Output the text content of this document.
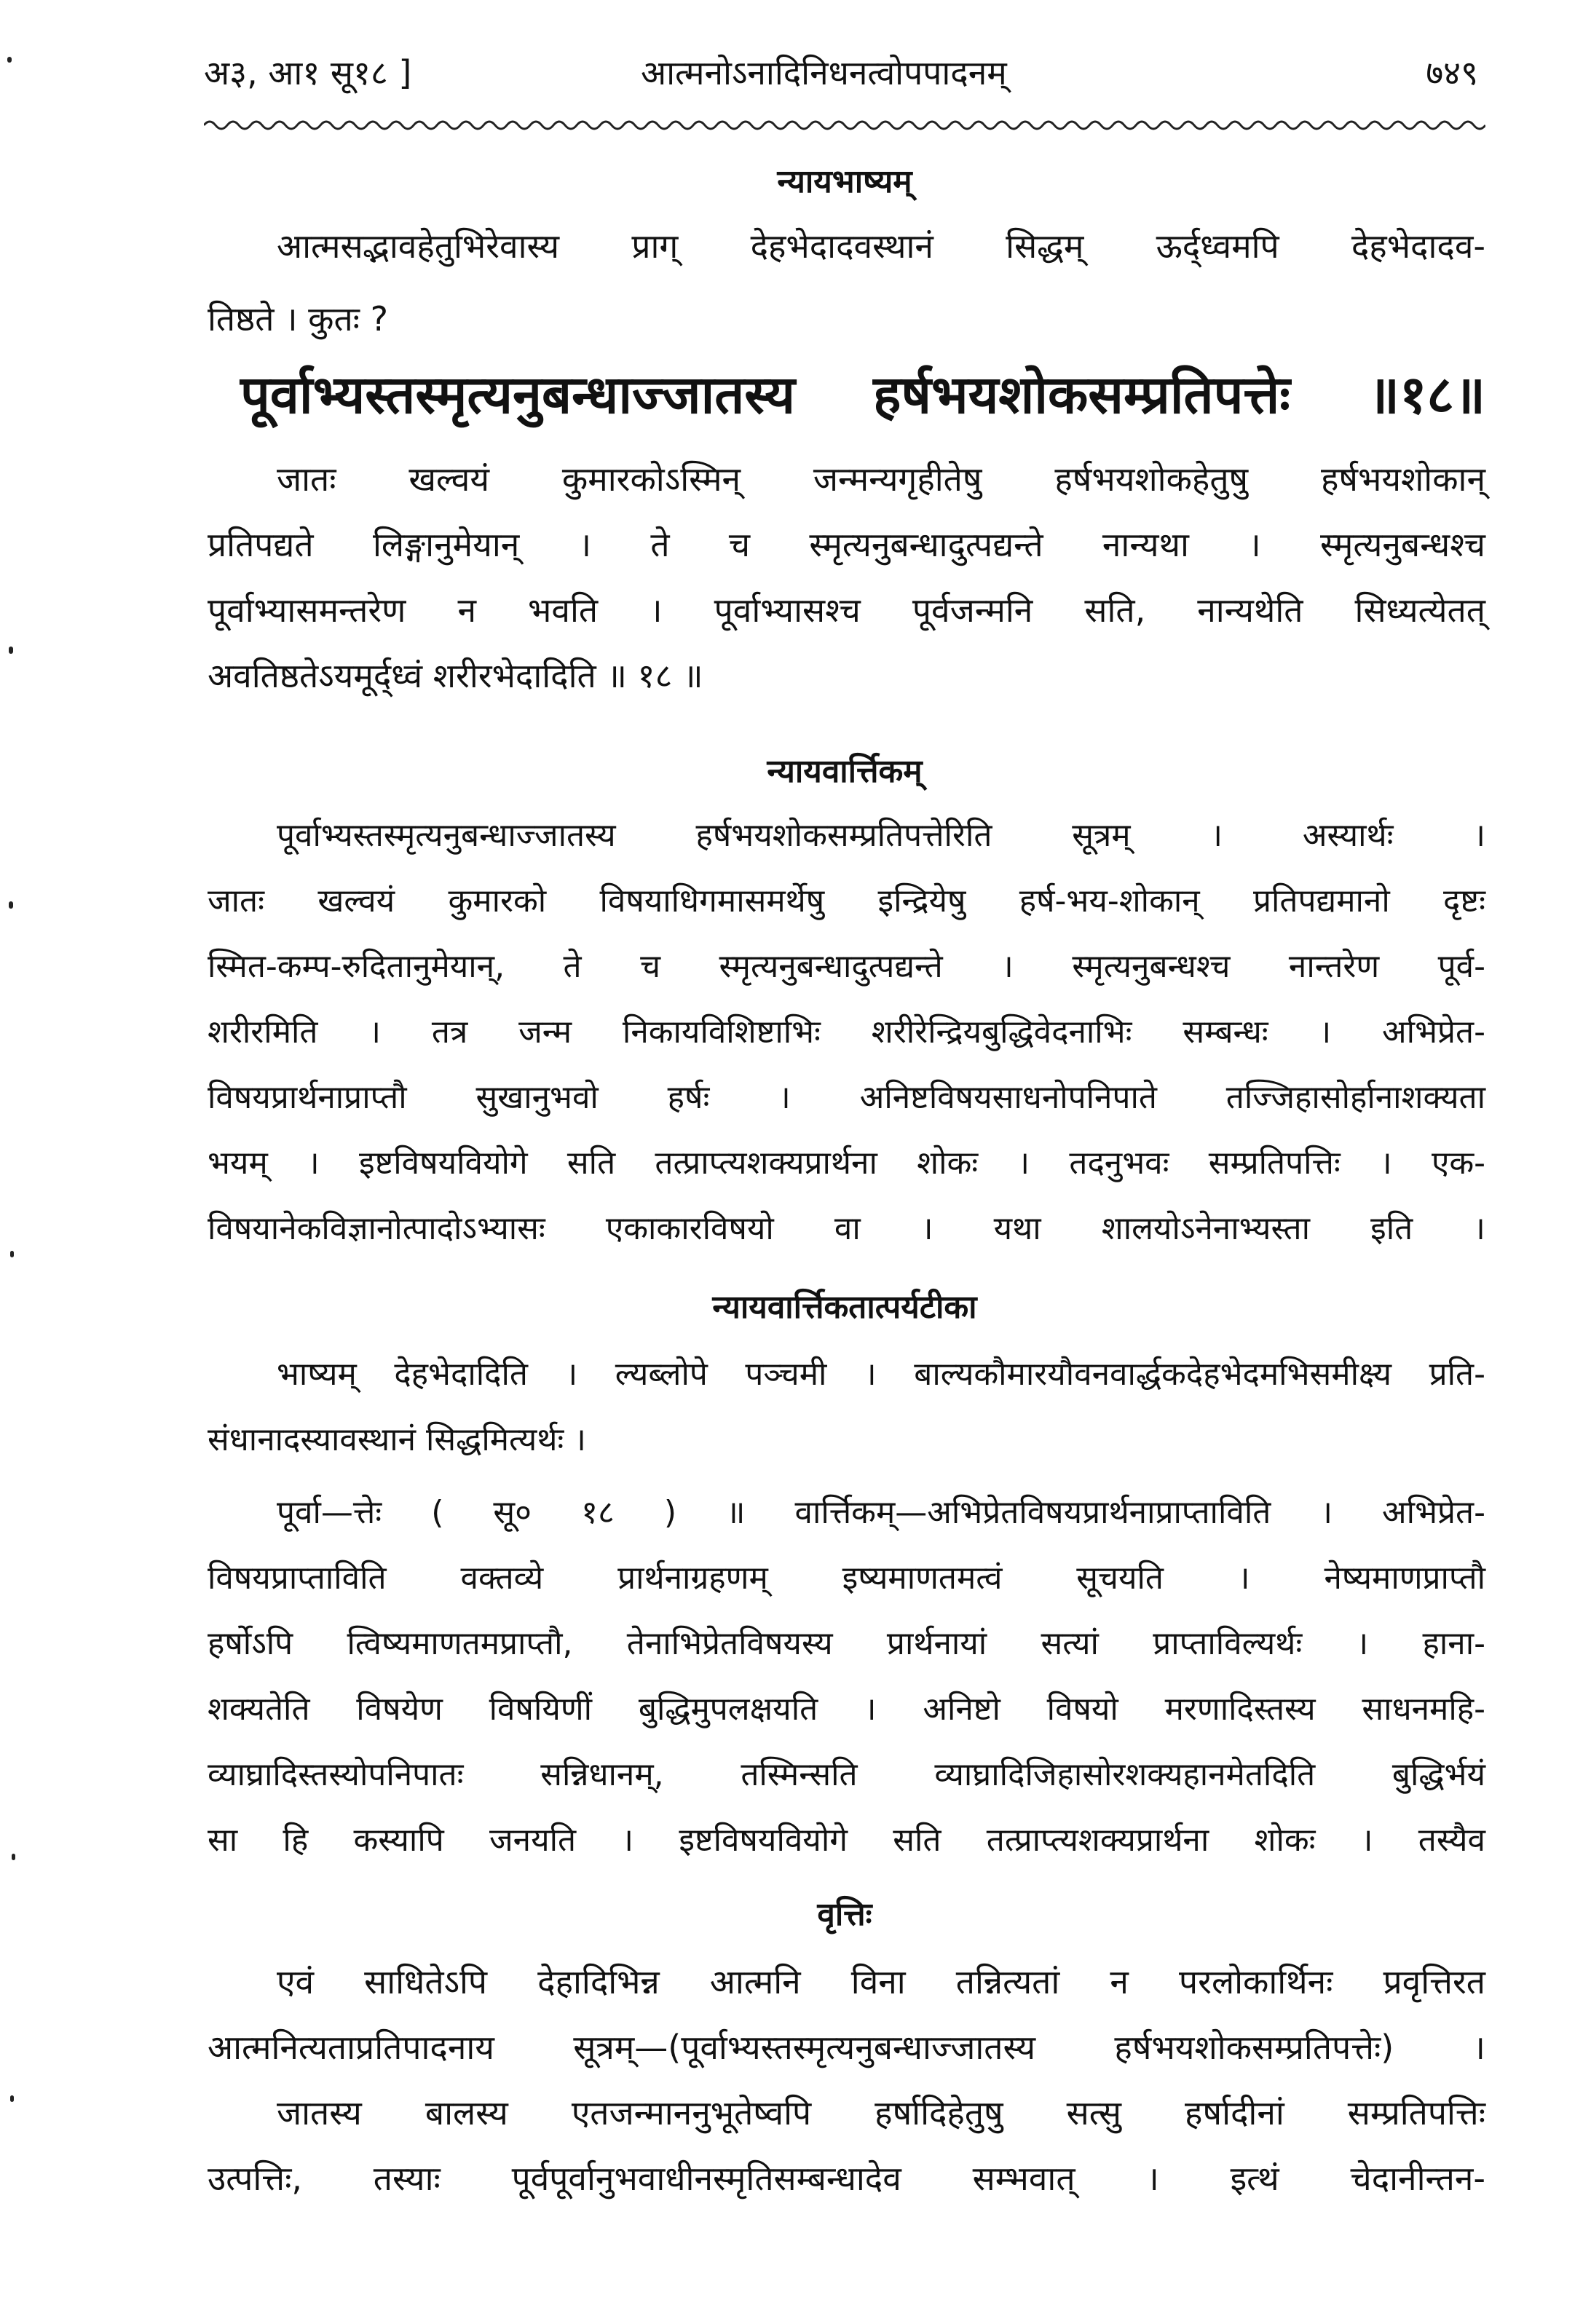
अ३, आ१ सू१८ ]	आत्मनोऽनादिनिधनत्वोपपादनम्	७४९
न्यायभाष्यम्
आत्मसद्भावहेतुभिरेवास्य प्राग् देहभेदादवस्थानं सिद्धम् ऊर्द्ध्वमपि देहभेदादव-
तिष्ठते । कुतः ?
पूर्वाभ्यस्तस्मृत्यनुबन्धाज्जातस्य हर्षभयशोकसम्प्रतिपत्तेः ॥१८॥
जातः खल्वयं कुमारकोऽस्मिन् जन्मन्यगृहीतेषु हर्षभयशोकहेतुषु हर्षभयशोकान्
प्रतिपद्यते लिङ्गानुमेयान् । ते च स्मृत्यनुबन्धादुत्पद्यन्ते नान्यथा । स्मृत्यनुबन्धश्च
पूर्वाभ्यासमन्तरेण न भवति । पूर्वाभ्यासश्च पूर्वजन्मनि सति, नान्यथेति सिध्यत्येतत्
अवतिष्ठतेऽयमूर्द्ध्वं शरीरभेदादिति ॥ १८ ॥
न्यायवार्त्तिकम्
पूर्वाभ्यस्तस्मृत्यनुबन्धाज्जातस्य हर्षभयशोकसम्प्रतिपत्तेरिति सूत्रम् । अस्यार्थः ।
जातः खल्वयं कुमारको विषयाधिगमासमर्थेषु इन्द्रियेषु हर्ष-भय-शोकान् प्रतिपद्यमानो दृष्टः
स्मित-कम्प-रुदितानुमेयान्, ते च स्मृत्यनुबन्धादुत्पद्यन्ते । स्मृत्यनुबन्धश्च नान्तरेण पूर्व-
शरीरमिति । तत्र जन्म निकायविशिष्टाभिः शरीरेन्द्रियबुद्धिवेदनाभिः सम्बन्धः । अभिप्रेत-
विषयप्रार्थनाप्राप्तौ सुखानुभवो हर्षः । अनिष्टविषयसाधनोपनिपाते तज्जिहासोर्हानाशक्यता
भयम् । इष्टविषयवियोगे सति तत्प्राप्त्यशक्यप्रार्थना शोकः । तदनुभवः सम्प्रतिपत्तिः । एक-
विषयानेकविज्ञानोत्पादोऽभ्यासः एकाकारविषयो वा । यथा शालयोऽनेनाभ्यस्ता इति ।
न्यायवार्त्तिकतात्पर्यटीका
भाष्यम् देहभेदादिति । ल्यब्लोपे पञ्चमी । बाल्यकौमारयौवनवार्द्धकदेहभेदमभिसमीक्ष्य प्रति-
संधानादस्यावस्थानं सिद्धमित्यर्थः ।
पूर्वा—त्तेः ( सू० १८ ) ॥ वार्त्तिकम्—अभिप्रेतविषयप्रार्थनाप्राप्ताविति । अभिप्रेत-
विषयप्राप्ताविति वक्तव्ये प्रार्थनाग्रहणम् इष्यमाणतमत्वं सूचयति । नेष्यमाणप्राप्तौ
हर्षोऽपि त्विष्यमाणतमप्राप्तौ, तेनाभिप्रेतविषयस्य प्रार्थनायां सत्यां प्राप्ताविल्यर्थः । हाना-
शक्यतेति विषयेण विषयिणीं बुद्धिमुपलक्षयति । अनिष्टो विषयो मरणादिस्तस्य साधनमहि-
व्याघ्रादिस्तस्योपनिपातः सन्निधानम्, तस्मिन्सति व्याघ्रादिजिहासोरशक्यहानमेतदिति बुद्धिर्भयं
सा हि कस्यापि जनयति । इष्टविषयवियोगे सति तत्प्राप्त्यशक्यप्रार्थना शोकः । तस्यैव
वृत्तिः
एवं साधितेऽपि देहादिभिन्न आत्मनि विना तन्नित्यतां न परलोकार्थिनः प्रवृत्तिरत
आत्मनित्यताप्रतिपादनाय सूत्रम्—(पूर्वाभ्यस्तस्मृत्यनुबन्धाज्जातस्य हर्षभयशोकसम्प्रतिपत्तेः) ।
जातस्य बालस्य एतजन्माननुभूतेष्वपि हर्षादिहेतुषु सत्सु हर्षादीनां सम्प्रतिपत्तिः
उत्पत्तिः, तस्याः पूर्वपूर्वानुभवाधीनस्मृतिसम्बन्धादेव सम्भवात् । इत्थं चेदानीन्तन-
